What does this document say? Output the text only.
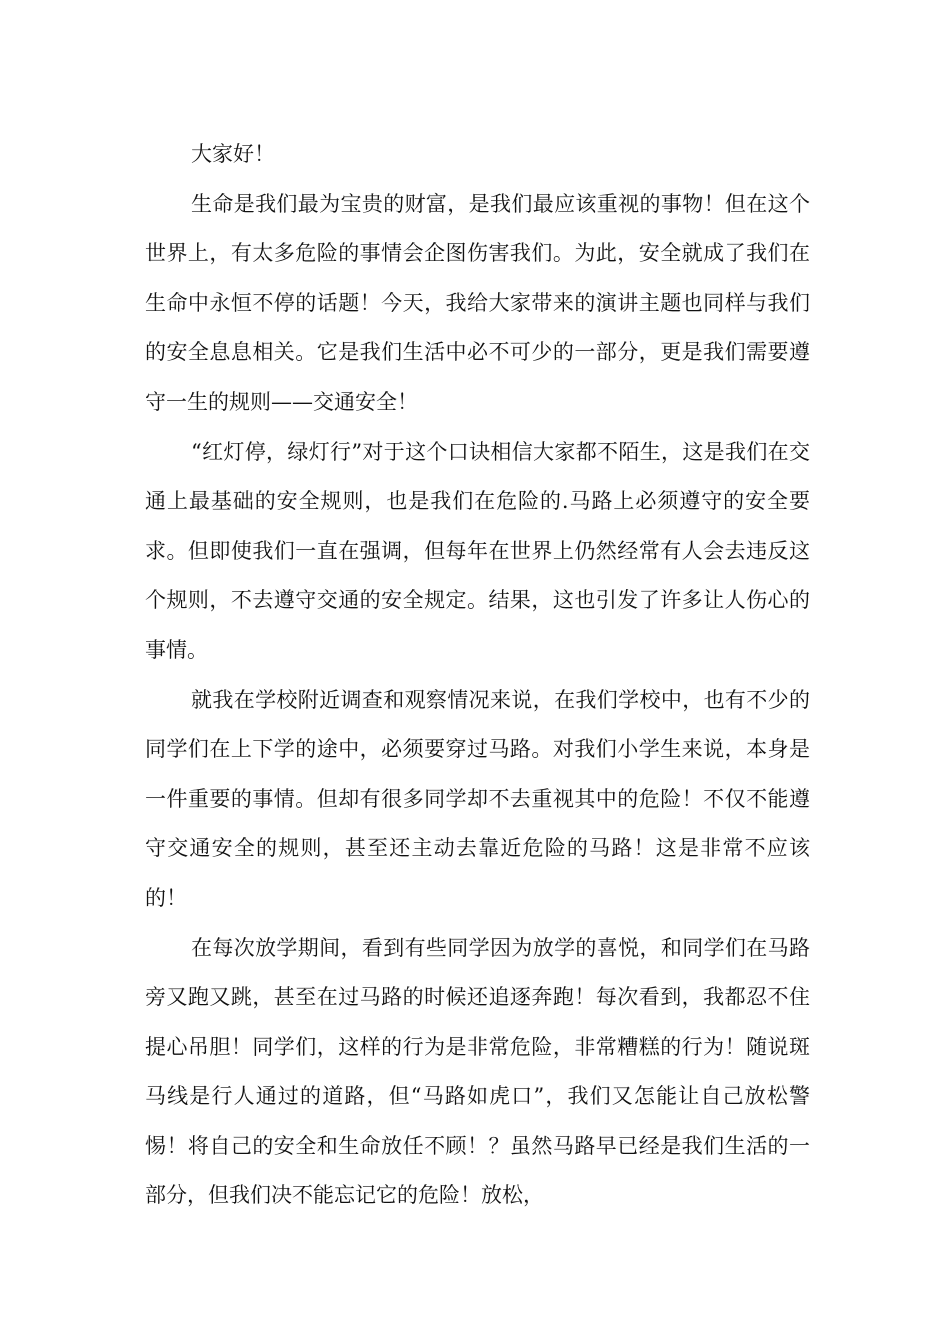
大家好！

生命是我们最为宝贵的财富，是我们最应该重视的事物！但在这个世界上，有太多危险的事情会企图伤害我们。为此，安全就成了我们在生命中永恒不停的话题！今天，我给大家带来的演讲主题也同样与我们的安全息息相关。它是我们生活中必不可少的一部分，更是我们需要遵守一生的规则——交通安全！

“红灯停，绿灯行”对于这个口诀相信大家都不陌生，这是我们在交通上最基础的安全规则，也是我们在危险的.马路上必须遵守的安全要求。但即使我们一直在强调，但每年在世界上仍然经常有人会去违反这个规则，不去遵守交通的安全规定。结果，这也引发了许多让人伤心的事情。

就我在学校附近调查和观察情况来说，在我们学校中，也有不少的同学们在上下学的途中，必须要穿过马路。对我们小学生来说，本身是一件重要的事情。但却有很多同学却不去重视其中的危险！不仅不能遵守交通安全的规则，甚至还主动去靠近危险的马路！这是非常不应该的！

在每次放学期间，看到有些同学因为放学的喜悦，和同学们在马路旁又跑又跳，甚至在过马路的时候还追逐奔跑！每次看到，我都忍不住提心吊胆！同学们，这样的行为是非常危险，非常糟糕的行为！随说斑马线是行人通过的道路，但“马路如虎口”，我们又怎能让自己放松警惕！将自己的安全和生命放任不顾！？虽然马路早已经是我们生活的一部分，但我们决不能忘记它的危险！放松，
